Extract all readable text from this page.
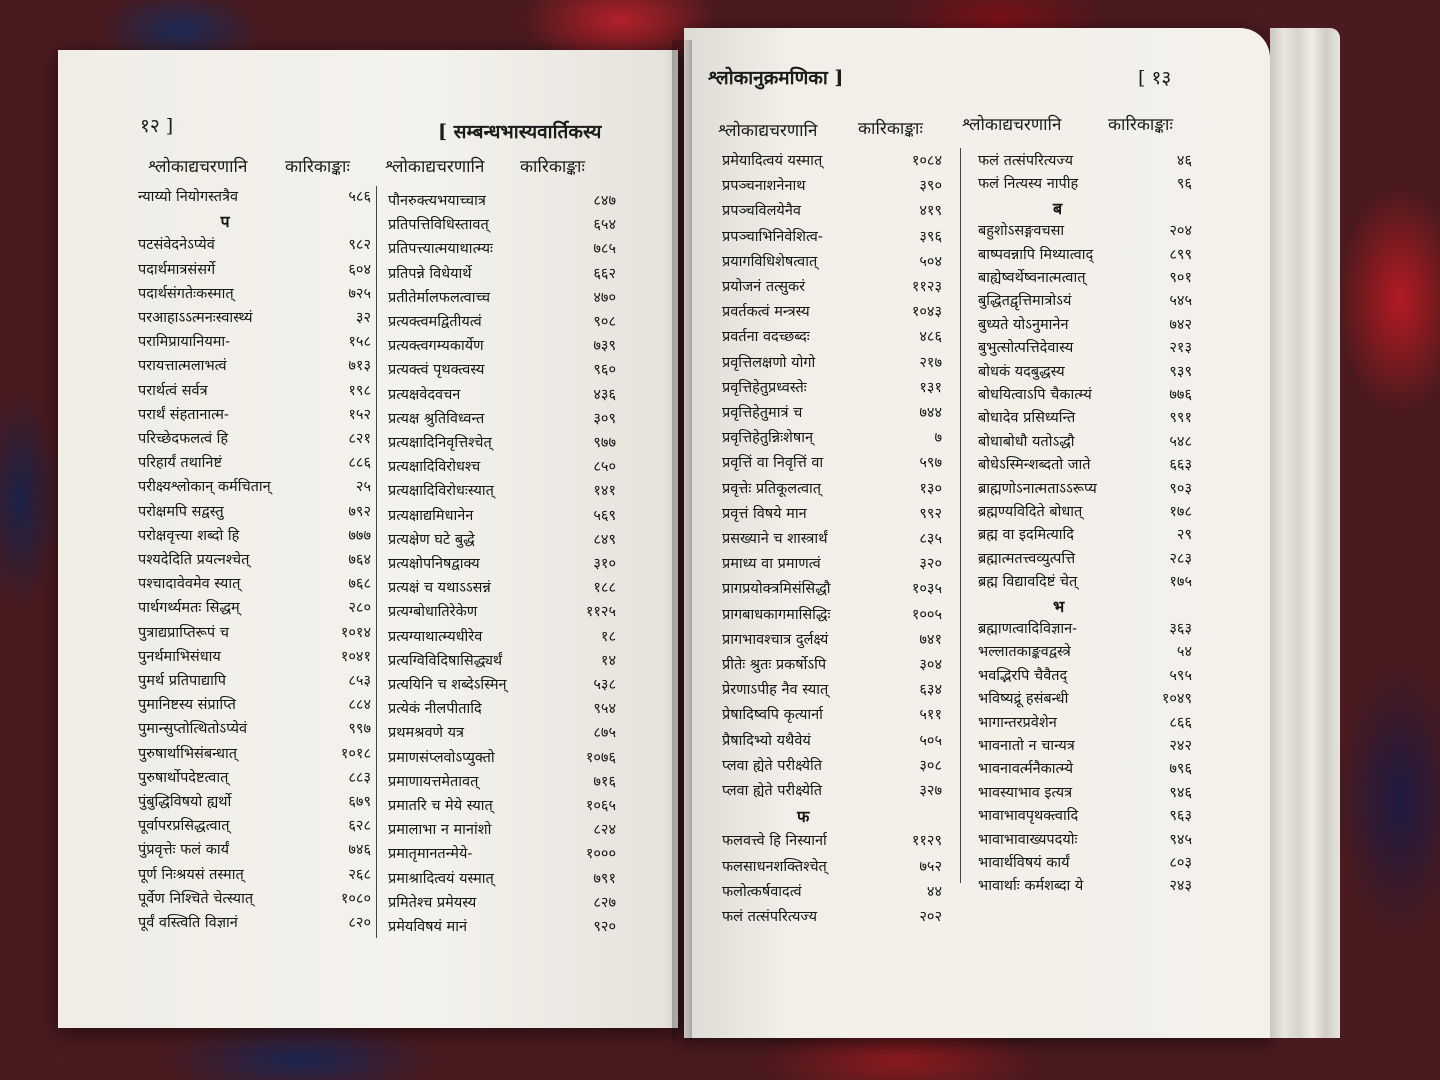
१२ ]	[ सम्बन्धभास्यवार्तिकस्य
श्लोकाद्यचरणानि कारिकाङ्काः श्लोकाद्यचरणानि कारिकाङ्काः
न्याय्यो नियोगस्तत्रैव	५८६
प
पटसंवेदनेऽप्येवं	९८२
पदार्थमात्रसंसर्गे	६०४
पदार्थसंगतेःकस्मात्	७२५
परआहाऽऽत्मनःस्वास्थ्यं	३२
परामिप्रायानियमा-	१५८
परायत्तात्मलाभत्वं	७१३
परार्थत्वं सर्वत्र	१९८
परार्थं संहतानात्म-	१५२
परिच्छेदफलत्वं हि	८२१
परिहार्यं तथानिष्टं	८८६
परीक्ष्यश्लोकान् कर्मचितान्	२५
परोक्षमपि सद्वस्तु	७९२
परोक्षवृत्त्या शब्दो हि	७७७
पश्यदेदिति प्रयत्नश्चेत्	७६४
पश्चादावेवमेव स्यात्	७६८
पार्थगर्थ्यमतः सिद्धम्	२८०
पुत्राद्यप्राप्तिरूपं च	१०१४
पुनर्थमाभिसंधाय	१०४१
पुमर्थ प्रतिपाद्यापि	८५३
पुमानिष्टस्य संप्राप्ति	८८४
पुमान्सुप्तोत्थितोऽप्येवं	९९७
पुरुषार्थाभिसंबन्धात्	१०१८
पुरुषार्थोपदेष्टत्वात्	८८३
पुंबुद्धिविषयो ह्यर्थो	६७९
पूर्वापरप्रसिद्धत्वात्	६२८
पुंप्रवृत्तेः फलं कार्यं	७४६
पूर्ण निःश्रयसं तस्मात्	२६८
पूर्वेण निश्चिते चेत्स्यात्	१०८०
पूर्वं वस्त्विति विज्ञानं	८२०
पौनरुक्त्यभयाच्चात्र	८४७
प्रतिपत्तिविधिस्तावत्	६५४
प्रतिपत्त्यात्मयाथात्म्यः	७८५
प्रतिपन्ने विधेयार्थे	६६२
प्रतीतेर्मालफलत्वाच्च	४७०
प्रत्यक्त्वमद्वितीयत्वं	९०८
प्रत्यक्त्वगम्यकार्येण	७३९
प्रत्यक्त्वं पृथक्त्वस्य	९६०
प्रत्यक्षवेदवचन	४३६
प्रत्यक्ष श्रुतिविध्वन्त	३०९
प्रत्यक्षादिनिवृत्तिश्चेत्	९७७
प्रत्यक्षादिविरोधश्च	८५०
प्रत्यक्षादिविरोधःस्यात्	१४१
प्रत्यक्षाद्यमिधानेन	५६९
प्रत्यक्षेण घटे बुद्धे	८४९
प्रत्यक्षोपनिषद्वाक्य	३१०
प्रत्यक्षं च यथाऽऽसन्नं	१८८
प्रत्यग्बोधातिरेकेण	११२५
प्रत्यग्याथात्म्यधीरेव	१८
प्रत्यग्विविदिषासिद्ध्यर्थं	१४
प्रत्ययिनि च शब्देऽस्मिन्	५३८
प्रत्येकं नीलपीतादि	९५४
प्रथमश्रवणे यत्र	८७५
प्रमाणसंप्लवोऽप्युक्तो	१०७६
प्रमाणायत्तमेतावत्	७१६
प्रमातरि च मेये स्यात्	१०६५
प्रमालाभा न मानांशो	८२४
प्रमातृमानतन्मेये-	१०००
प्रमाश्रादित्वयं यस्मात्	७९१
प्रमितेश्च प्रमेयस्य	८२७
प्रमेयविषयं मानं	९२०
श्लोकानुक्रमणिका ]	[ १३
श्लोकाद्यचरणानि कारिकाङ्काः श्लोकाद्यचरणानि	कारिकाङ्काः
प्रमेयादित्वयं यस्मात्	१०८४
प्रपञ्चनाशनेनाथ	३९०
प्रपञ्चविलयेनैव	४१९
प्रपञ्चाभिनिवेशित्व-	३९६
प्रयागविधिशेषत्वात्	५०४
प्रयोजनं तत्सुकरं	११२३
प्रवर्तकत्वं मन्त्रस्य	१०४३
प्रवर्तना वदच्छब्दः	४८६
प्रवृत्तिलक्षणो योगो	२१७
प्रवृत्तिहेतुप्रध्वस्तेः	१३१
प्रवृत्तिहेतुमात्रं च	७४४
प्रवृत्तिहेतुन्निःशेषान्	७
प्रवृत्तिं वा निवृत्तिं वा	५९७
प्रवृत्तेः प्रतिकूलत्वात्	१३०
प्रवृत्तं विषये मान	९९२
प्रसख्याने च शास्त्रार्थं	८३५
प्रमाध्य वा प्रमाणत्वं	३२०
प्रागप्रयोक्त्रमिसंसिद्धौ	१०३५
प्रागबाधकागमासिद्धिः	१००५
प्रागभावश्चात्र दुर्लक्ष्यं	७४१
प्रीतेः श्रुतः प्रकर्षोऽपि	३०४
प्रेरणाऽपीह नैव स्यात्	६३४
प्रेषादिष्वपि कृत्यार्ना	५११
प्रैषादिभ्यो यथैवेयं	५०५
प्लवा ह्येते परीक्ष्येति	३०८
प्लवा ह्येते परीक्ष्येति	३२७
फ
फलवत्त्वे हि निस्यार्ना	११२९
फलसाधनशक्तिश्चेत्	७५२
फलोत्कर्षवादत्वं	४४
फलं तत्संपरित्यज्य	२०२
फलं तत्संपरित्यज्य	४६
फलं नित्यस्य नापीह	९६
ब
बहुशोऽसङ्गवचसा	२०४
बाष्पवन्नापि मिथ्यात्वाद्	८९९
बाह्येष्वर्थेष्वनात्मत्वात्	९०१
बुद्धितद्वृत्तिमात्रोऽयं	५४५
बुध्यते योऽनुमानेन	७४२
बुभुत्सोत्पत्तिदेवास्य	२१३
बोधकं यदबुद्धस्य	९३९
बोधयित्वाऽपि चैकात्म्यं	७७६
बोधादेव प्रसिध्यन्ति	९९१
बोधाबोधौ यतोऽद्धौ	५४८
बोधेऽस्मिन्शब्दतो जाते	६६३
ब्राह्मणोऽनात्मताऽऽरूप्य	९०३
ब्रह्मण्यविदिते बोधात्	१७८
ब्रह्म वा इदमित्यादि	२९
ब्रह्मात्मतत्त्वव्युत्पत्ति	२८३
ब्रह्म विद्यावदिष्टं चेत्	१७५
भ
ब्रह्माणत्वादिविज्ञान-	३६३
भल्लातकाङ्कवद्वस्त्रे	५४
भवद्भिरपि चैवैतद्	५९५
भविष्यद्रूं हसंबन्धी	१०४९
भागान्तरप्रवेशेन	८६६
भावनातो न चान्यत्र	२४२
भावनावर्त्मनैकात्म्ये	७९६
भावस्याभाव इत्यत्र	९४६
भावाभावपृथक्त्वादि	९६३
भावाभावाख्यपदयोः	९४५
भावार्थविषयं कार्यं	८०३
भावार्थाः कर्मशब्दा ये	२४३
